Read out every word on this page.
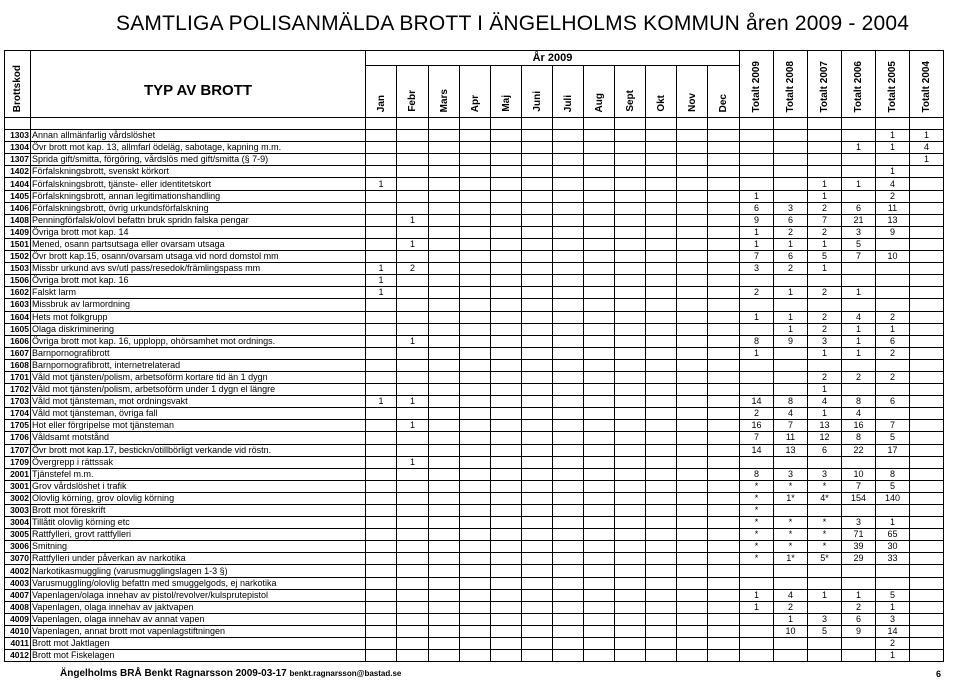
SAMTLIGA POLISANMÄLDA BROTT I ÄNGELHOLMS KOMMUN åren 2009 - 2004
Brottskod	TYP AV BROTT	År 2009												Totalt 2009	Totalt 2008	Totalt 2007	Totalt 2006	Totalt 2005	Totalt 2004
		Jan	Febr	Mars	Apr	Maj	Juni	Juli	Aug	Sept	Okt	Nov	Dec						

1303	Annan allmänfarlig vårdslöshet																	1	1
1304	Övr brott mot kap. 13, allmfarl ödeläg, sabotage, kapning m.m.																1	1	4
1307	Sprida gift/smitta, förgöring, vårdslös med gift/smitta (§ 7-9)																		1
1402	Förfalskningsbrott, svenskt körkort																	1	
1404	Förfalskningsbrott, tjänste- eller identitetskort	1														1	1	4	
1405	Förfalskningsbrott, annan legitimationshandling													1		1		2	
1406	Förfalskningsbrott, övrig urkundsförfalskning													6	3	2	6	11	
1408	Penningförfalsk/olovl befattn bruk spridn falska pengar		1											9	6	7	21	13	
1409	Övriga brott mot kap. 14													1	2	2	3	9	
1501	Mened, osann partsutsaga eller ovarsam utsaga		1											1	1	1	5		
1502	Övr brott kap.15, osann/ovarsam utsaga vid nord domstol mm													7	6	5	7	10	
1503	Missbr urkund avs sv/utl pass/resedok/främlingspass mm	1	2											3	2	1			
1506	Övriga brott mot kap. 16	1																	
1602	Falskt larm	1												2	1	2	1		
1603	Missbruk av larmordning																		
1604	Hets mot folkgrupp													1	1	2	4	2	
1605	Olaga diskriminering														1	2	1	1	
1606	Övriga brott mot kap. 16, upplopp, ohörsamhet mot ordnings.		1											8	9	3	1	6	
1607	Barnpornografibrott													1		1	1	2	
1608	Barnpornografibrott, internetrelaterad																		
1701	Våld mot tjänsten/polism, arbetsoförm kortare tid än 1 dygn															2	2	2	
1702	Våld mot tjänsten/polism, arbetsoförm under 1 dygn el längre															1			
1703	Våld mot tjänsteman, mot ordningsvakt	1	1											14	8	4	8	6	
1704	Våld mot tjänsteman, övriga fall													2	4	1	4		
1705	Hot eller förgripelse mot tjänsteman		1											16	7	13	16	7	
1706	Våldsamt motstånd													7	11	12	8	5	
1707	Övr brott mot kap.17, bestickn/otillbörligt verkande vid röstn.													14	13	6	22	17	
1709	Övergrepp i rättssak		1																
2001	Tjänstefel m.m.													8	3	3	10	8	
3001	Grov vårdslöshet i trafik													*	*	*	7	5	
3002	Olovlig körning, grov olovlig körning													*	1*	4*	154	140	
3003	Brott mot föreskrift													*					
3004	Tillåtit olovlig körning etc													*	*	*	3	1	
3005	Rattfylleri, grovt rattfylleri													*	*	*	71	65	
3006	Smitning													*	*	*	39	30	
3070	Rattfylleri under påverkan av narkotika													*	1*	5*	29	33	
4002	Narkotikasmuggling (varusmugglingslagen 1-3 §)																		
4003	Varusmuggling/olovlig befattn med smuggelgods, ej narkotika																		
4007	Vapenlagen/olaga innehav av pistol/revolver/kulsprutepistol													1	4	1	1	5	
4008	Vapenlagen, olaga innehav av jaktvapen													1	2		2	1	
4009	Vapenlagen, olaga innehav av annat vapen														1	3	6	3	
4010	Vapenlagen, annat brott mot vapenlagstiftningen														10	5	9	14	
4011	Brott mot Jaktlagen																	2	
4012	Brott mot Fiskelagen																	1	
Ängelholms BRÅ Benkt Ragnarsson 2009-03-17 benkt.ragnarsson@bastad.se	6
